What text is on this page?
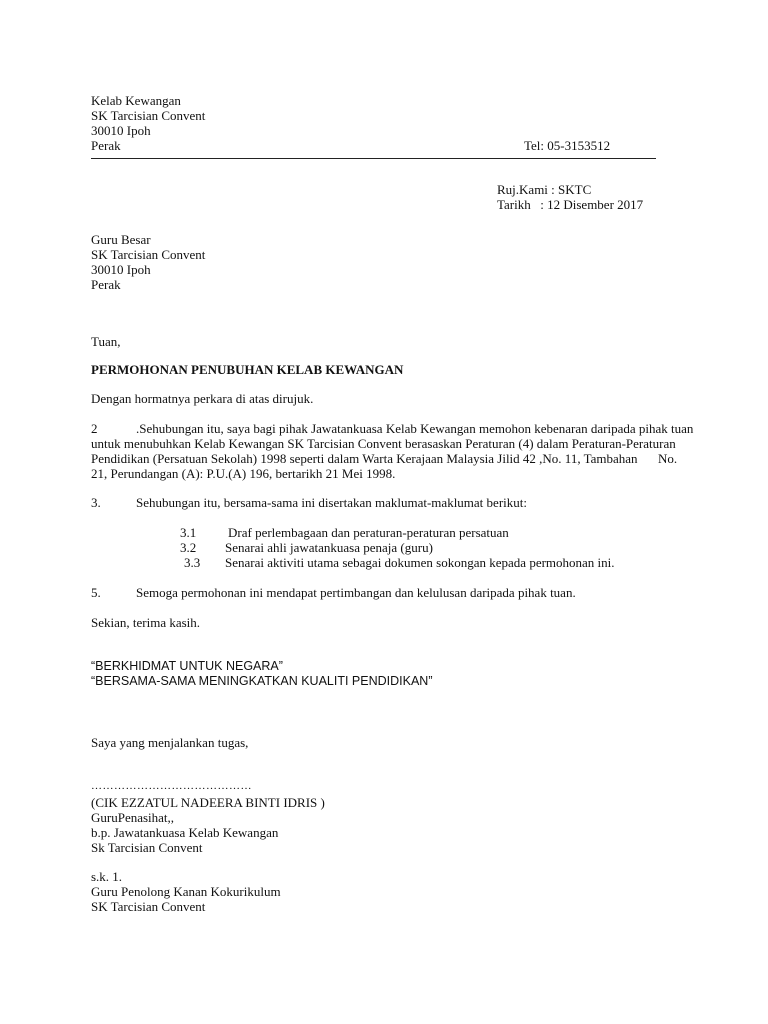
Kelab Kewangan
SK Tarcisian Convent
30010 Ipoh
Perak	Tel: 05-3153512
Ruj.Kami : SKTC
Tarikh : 12 Disember 2017
Guru Besar
SK Tarcisian Convent
30010 Ipoh
Perak
Tuan,
PERMOHONAN PENUBUHAN KELAB KEWANGAN
Dengan hormatnya perkara di atas dirujuk.
2	.Sehubungan itu, saya bagi pihak Jawatankuasa Kelab Kewangan memohon kebenaran daripada pihak tuan
untuk menubuhkan Kelab Kewangan SK Tarcisian Convent berasaskan Peraturan (4) dalam Peraturan-Peraturan
Pendidikan (Persatuan Sekolah) 1998 seperti dalam Warta Kerajaan Malaysia Jilid 42 ,No. 11, Tambahan No.
21, Perundangan (A): P.U.(A) 196, bertarikh 21 Mei 1998.
3.	Sehubungan itu, bersama-sama ini disertakan maklumat-maklumat berikut:
3.1 Draf perlembagaan dan peraturan-peraturan persatuan
3.2 Senarai ahli jawatankuasa penaja (guru)
3.3 Senarai aktiviti utama sebagai dokumen sokongan kepada permohonan ini.
5.	Semoga permohonan ini mendapat pertimbangan dan kelulusan daripada pihak tuan.
Sekian, terima kasih.
“BERKHIDMAT UNTUK NEGARA”
“BERSAMA-SAMA MENINGKATKAN KUALITI PENDIDIKAN”
Saya yang menjalankan tugas,
……………………………………
(CIK EZZATUL NADEERA BINTI IDRIS )
GuruPenasihat,,
b.p. Jawatankuasa Kelab Kewangan
Sk Tarcisian Convent
s.k. 1.
Guru Penolong Kanan Kokurikulum
SK Tarcisian Convent
